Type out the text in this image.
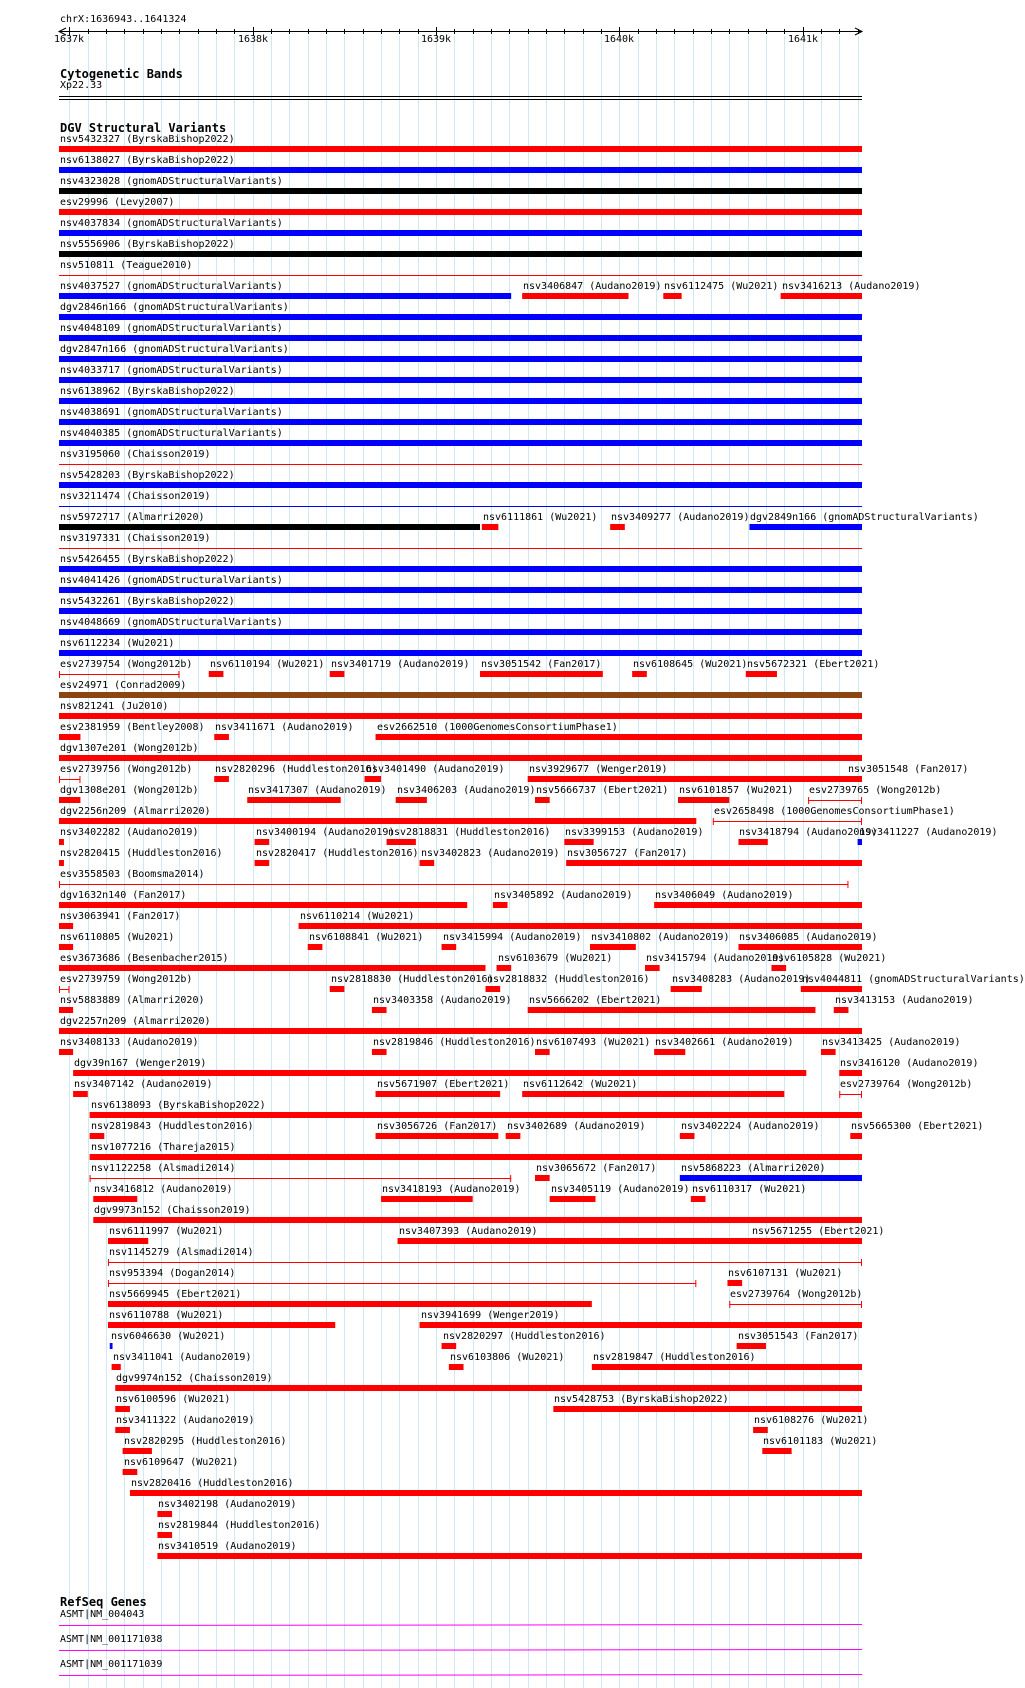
chrX:1636943..1641324
1637k	1638k	1639k	1640k	1641k
Cytogenetic Bands
Xp22.33
DGV Structural Variants
nsv5432327 (ByrskaBishop2022)
nsv6138027 (ByrskaBishop2022)
nsv4323028 (gnomADStructuralVariants)
esv29996 (Levy2007)
nsv4037834 (gnomADStructuralVariants)
nsv5556906 (ByrskaBishop2022)
nsv510811 (Teague2010)
nsv4037527 (gnomADStructuralVariants)	nsv3406847 (Audano2019) nsv6112475 (Wu2021) nsv3416213 (Audano2019)
dgv2846n166 (gnomADStructuralVariants)
nsv4048109 (gnomADStructuralVariants)
dgv2847n166 (gnomADStructuralVariants)
nsv4033717 (gnomADStructuralVariants)
nsv6138962 (ByrskaBishop2022)
nsv4038691 (gnomADStructuralVariants)
nsv4040385 (gnomADStructuralVariants)
nsv3195060 (Chaisson2019)
nsv5428203 (ByrskaBishop2022)
nsv3211474 (Chaisson2019)
nsv5972717 (Almarri2020)	nsv6111861 (Wu2021) nsv3409277 (Audano2019) dgv2849n166 (gnomADStructuralVariants)
nsv3197331 (Chaisson2019)
nsv5426455 (ByrskaBishop2022)
nsv4041426 (gnomADStructuralVariants)
nsv5432261 (ByrskaBishop2022)
nsv4048669 (gnomADStructuralVariants)
nsv6112234 (Wu2021)
esv2739754 (Wong2012b) nsv6110194 (Wu2021) nsv3401719 (Audano2019) nsv3051542 (Fan2017)	nsv6108645 (Wu2021) nsv5672321 (Ebert2021)
esv24971 (Conrad2009)
nsv821241 (Ju2010)
esv2381959 (Bentley2008) nsv3411671 (Audano2019) esv2662510 (1000GenomesConsortiumPhase1)
dgv1307e201 (Wong2012b)
esv2739756 (Wong2012b) nsv2820296 (Huddleston2016)
nsv3401490 (Audano2019) nsv3929677 (Wenger2019)	nsv3051548 (Fan2017)
dgv1308e201 (Wong2012b)	nsv3417307 (Audano2019) nsv3406203 (Audano2019) nsv5666737 (Ebert2021) nsv6101857 (Wu2021) esv2739765 (Wong2012b)
dgv2256n209 (Almarri2020)	esv2658498 (1000GenomesConsortiumPhase1)
nsv3402282 (Audano2019)	nsv3400194 (Audano2019)
nsv2818831 (Huddleston2016) nsv3399153 (Audano2019)	nsv3418794 (Audano2019)
nsv3411227 (Audano2019)
nsv2820415 (Huddleston2016)	nsv2820417 (Huddleston2016) nsv3402823 (Audano2019) nsv3056727 (Fan2017)
esv3558503 (Boomsma2014)
dgv1632n140 (Fan2017)	nsv3405892 (Audano2019) nsv3406049 (Audano2019)
nsv3063941 (Fan2017)	nsv6110214 (Wu2021)
nsv6110805 (Wu2021)	nsv6108841 (Wu2021) nsv3415994 (Audano2019) nsv3410802 (Audano2019) nsv3406085 (Audano2019)
esv3673686 (Besenbacher2015)	nsv6103679 (Wu2021)	nsv3415794 (Audano2019)
nsv6105828 (Wu2021)
esv2739759 (Wong2012b)	nsv2818830 (Huddleston2016)
nsv2818832 (Huddleston2016) nsv3408283 (Audano2019)
nsv4044811 (gnomADStructuralVariants)
nsv5883889 (Almarri2020)	nsv3403358 (Audano2019) nsv5666202 (Ebert2021)	nsv3413153 (Audano2019)
dgv2257n209 (Almarri2020)
nsv3408133 (Audano2019)	nsv2819846 (Huddleston2016) nsv6107493 (Wu2021) nsv3402661 (Audano2019)	nsv3413425 (Audano2019)
dgv39n167 (Wenger2019)	nsv3416120 (Audano2019)
nsv3407142 (Audano2019)	nsv5671907 (Ebert2021) nsv6112642 (Wu2021)	esv2739764 (Wong2012b)
nsv6138093 (ByrskaBishop2022)
nsv2819843 (Huddleston2016)	nsv3056726 (Fan2017) nsv3402689 (Audano2019)	nsv3402224 (Audano2019)	nsv5665300 (Ebert2021)
nsv1077216 (Thareja2015)
nsv1122258 (Alsmadi2014)	nsv3065672 (Fan2017) nsv5868223 (Almarri2020)
nsv3416812 (Audano2019)	nsv3418193 (Audano2019)	nsv3405119 (Audano2019) nsv6110317 (Wu2021)
dgv9973n152 (Chaisson2019)
nsv6111997 (Wu2021)	nsv3407393 (Audano2019)	nsv5671255 (Ebert2021)
nsv1145279 (Alsmadi2014)
nsv953394 (Dogan2014)	nsv6107131 (Wu2021)
nsv5669945 (Ebert2021)	esv2739764 (Wong2012b)
nsv6110788 (Wu2021)	nsv3941699 (Wenger2019)
nsv6046630 (Wu2021)	nsv2820297 (Huddleston2016)	nsv3051543 (Fan2017)
nsv3411041 (Audano2019)	nsv6103806 (Wu2021)	nsv2819847 (Huddleston2016)
dgv9974n152 (Chaisson2019)
nsv6100596 (Wu2021)	nsv5428753 (ByrskaBishop2022)
nsv3411322 (Audano2019)	nsv6108276 (Wu2021)
nsv2820295 (Huddleston2016)	nsv6101183 (Wu2021)
nsv6109647 (Wu2021)
nsv2820416 (Huddleston2016)
nsv3402198 (Audano2019)
nsv2819844 (Huddleston2016)
nsv3410519 (Audano2019)
RefSeq Genes
ASMT|NM_004043
ASMT|NM_001171038
ASMT|NM_001171039
